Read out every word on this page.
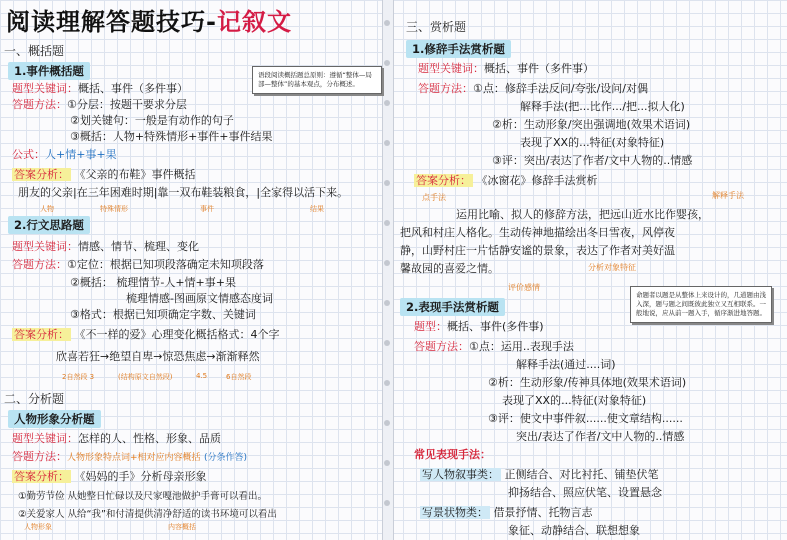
阅读理解答题技巧-记叙文
一、概括题
1.事件概括题	语段阅读概括题总原则：遵循“整体—局部—整体”的基本观点，分布概述。
题型关键词：概括、事件（多件事）
答题方法：①分层：按题干要求分层
②划关键句：一般是有动作的句子
③概括：人物+特殊情形+事件+事件结果
公式：人+情+事+果
答案分析： 《父亲的布鞋》事件概括
朋友的父亲|在三年困难时期|靠一双布鞋装粮食，|全家得以活下来。
人物	特殊情形	事件	结果
2.行文思路题
题型关键词：情感、情节、梳理、变化
答题方法：①定位：根据已知项段落确定未知项段落
②概括： 梳理情节-人+情+事+果
梳理情感-图画原文情感态度词
③格式：根据已知项确定字数、关键词
答案分析： 《不一样的爱》心理变化概括格式：4个字
欣喜若狂→绝望自卑→惊恐焦虑→渐渐释然
2自然段 3	(结构原文自然段)	4.5	6自然段
二、分析题
人物形象分析题
题型关键词：怎样的人、性格、形象、品质
答题方法：人物形象特点词+相对应内容概括 (分条作答)
答案分析： 《妈妈的手》分析母亲形象
①勤劳节俭 从她整日忙碌以及尺家嘎池做护手膏可以看出。
②关爱家人 从给“我”和付清提供清净舒适的读书环境可以看出
人物形象	内容概括
三、赏析题
1.修辞手法赏析题
题型关键词：概括、事件（多件事）
答题方法：①点：修辞手法反问/夸张/设问/对偶
解释手法(把...比作.../把...拟人化)
②析：生动形象/突出强调地(效果术语词)
表现了XX的...特征(对象特征)
③评：突出/表达了作者/文中人物的..情感
答案分析： 《冰窗花》修辞手法赏析
点手法	解释手法
运用比喻、拟人的修辞方法，把远山近水比作婴孩，
把风和村庄人格化。生动传神地描绘出冬日雪夜，风停夜
静，山野村庄一片恬静安谧的景象，表达了作者对美好温
馨故园的喜爱之情。	分析对象特征
评价感情
2.表现手法赏析题
命题者以题是从整体上来设计的，几道题由浅入深，题与题之间既彼此独立又互相联系。一般地说，应从前一题入手，循序渐进地答题。
题型：概括、事件(多件事)
答题方法：①点：运用..表现手法
解释手法(通过....词)
②析：生动形象/传神具体地(效果术语词)
表现了XX的...特征(对象特征)
③评：使文中事件叙......使文章结构......
突出/表达了作者/文中人物的..情感
常见表现手法：
写人物叙事类： 正侧结合、对比衬托、铺垫伏笔
抑扬结合、照应伏笔、设置悬念
写景状物类： 借景抒情、托物言志
象征、动静结合、联想想象
